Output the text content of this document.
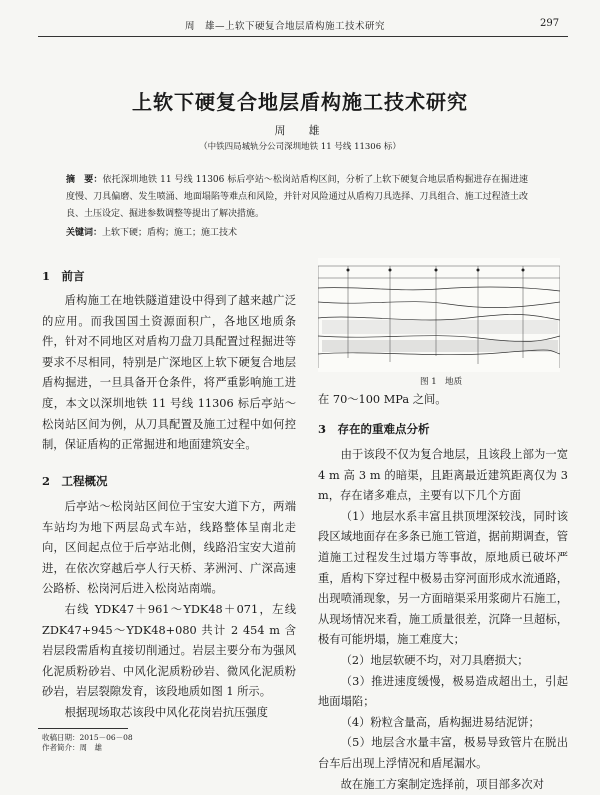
周　雄—上软下硬复合地层盾构施工技术研究	297
上软下硬复合地层盾构施工技术研究
周　雄
（中铁四局城轨分公司深圳地铁 11 号线 11306 标）
摘　要：依托深圳地铁 11 号线 11306 标后亭站～松岗站盾构区间，分析了上软下硬复合地层盾构掘进存在掘进速度慢、刀具偏磨、发生喷涌、地面塌陷等难点和风险，并针对风险通过从盾构刀具选择、刀具组合、施工过程渣土改良、土压设定、掘进参数调整等提出了解决措施。
关键词：上软下硬；盾构；施工；施工技术
1　前言

盾构施工在地铁隧道建设中得到了越来越广泛的应用。而我国国土资源面积广，各地区地质条件，针对不同地区对盾构刀盘刀具配置过程掘进等要求不尽相同，特别是广深地区上软下硬复合地层盾构掘进，一旦具备开仓条件，将严重影响施工进度，本文以深圳地铁 11 号线 11306 标后亭站～松岗站区间为例，从刀具配置及施工过程中如何控制，保证盾构的正常掘进和地面建筑安全。

2　工程概况

后亭站～松岗站区间位于宝安大道下方，两端车站均为地下两层岛式车站，线路整体呈南北走向，区间起点位于后亭站北侧，线路沿宝安大道前进，在依次穿越后亭人行天桥、茅洲河、广深高速公路桥、松岗河后进入松岗站南端。

右线 YDK47＋961～YDK48＋071，左线 ZDK47+945～YDK48+080 共计 2 454 m 含岩层段需盾构直接切削通过。岩层主要分布为强风化泥质粉砂岩、中风化泥质粉砂岩、微风化泥质粉砂岩，岩层裂隙发育，该段地质如图 1 所示。

根据现场取芯该段中风化花岗岩抗压强度

图 1　地质

在 70～100 MPa 之间。

3　存在的重难点分析

由于该段不仅为复合地层，且该段上部为一宽 4 m 高 3 m 的暗渠，且距离最近建筑距离仅为 3 m，存在诸多难点，主要有以下几个方面

（1）地层水系丰富且拱顶埋深较浅，同时该段区域地面存在多条已施工管道，据前期调查，管道施工过程发生过塌方等事故，原地质已破坏严重，盾构下穿过程中极易击穿河面形成水流通路，出现喷涌现象，另一方面暗渠采用浆砌片石施工，从现场情况来看，施工质量很差，沉降一旦超标，极有可能坍塌，施工难度大；

（2）地层软硬不均，对刀具磨损大；

（3）推进速度缓慢，极易造成超出土，引起地面塌陷；

（4）粉粒含量高，盾构掘进易结泥饼；

（5）地层含水量丰富，极易导致管片在脱出台车后出现上浮情况和盾尾漏水。

故在施工方案制定选择前，项目部多次对

收稿日期：2015－06－08
作者简介：周　雄
